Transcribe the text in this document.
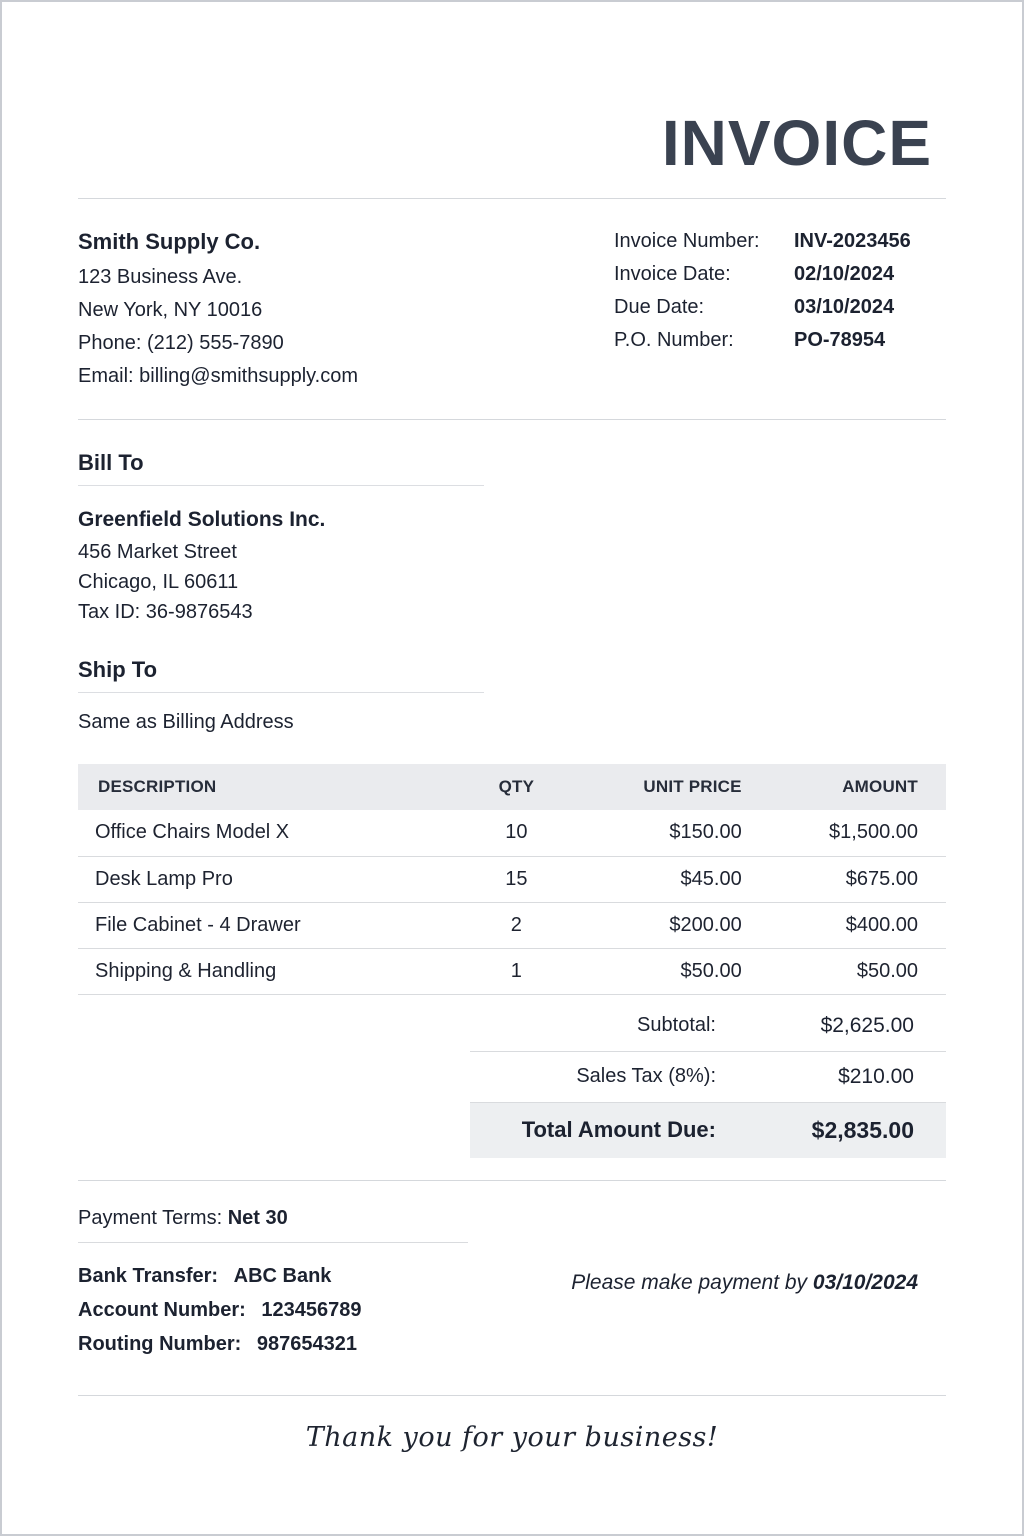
INVOICE
Smith Supply Co.
123 Business Ave.
New York, NY 10016
Phone: (212) 555-7890
Email: billing@smithsupply.com
Invoice Number:	INV-2023456
Invoice Date:	02/10/2024
Due Date:	03/10/2024
P.O. Number:	PO-78954
Bill To
Greenfield Solutions Inc.
456 Market Street
Chicago, IL 60611
Tax ID: 36-9876543
Ship To
Same as Billing Address
DESCRIPTION	QTY	UNIT PRICE	AMOUNT
Office Chairs Model X	10	$150.00	$1,500.00
Desk Lamp Pro	15	$45.00	$675.00
File Cabinet - 4 Drawer	2	$200.00	$400.00
Shipping & Handling	1	$50.00	$50.00
Subtotal:	$2,625.00
Sales Tax (8%):	$210.00
Total Amount Due:	$2,835.00
Payment Terms: Net 30
Bank Transfer: ABC Bank
Account Number: 123456789
Routing Number: 987654321
Please make payment by 03/10/2024
Thank you for your business!
